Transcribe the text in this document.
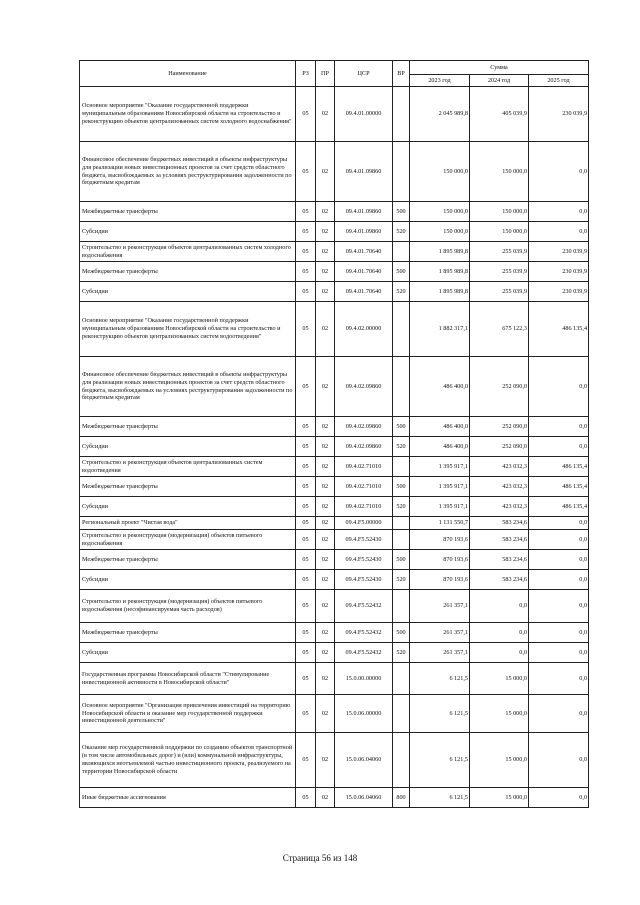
Наименование	РЗ	ПР	ЦСР	ВР	Сумма		
					2023 год	2024 год	2025 год
Основное мероприятие "Оказание государственной поддержки муниципальным образованиям Новосибирской области на строительство и реконструкцию объектов централизованных систем холодного водоснабжения"	05	02	09.4.01.00000		2 045 989,8	405 039,9	230 039,9
Финансовое обеспечение бюджетных инвестиций в объекты инфраструктуры для реализации новых инвестиционных проектов за счет средств областного бюджета, высвобождаемых за условиях реструктурирования задолженности по бюджетным кредитам	05	02	09.4.01.09860		150 000,0	150 000,0	0,0
Межбюджетные трансферты	05	02	09.4.01.09860	500	150 000,0	150 000,0	0,0
Субсидии	05	02	09.4.01.09860	520	150 000,0	150 000,0	0,0
Строительство и реконструкция объектов централизованных систем холодного водоснабжения	05	02	09.4.01.70640		1 895 989,8	255 039,9	230 039,9
Межбюджетные трансферты	05	02	09.4.01.70640	500	1 895 989,8	255 039,9	230 039,9
Субсидии	05	02	09.4.01.70640	520	1 895 989,8	255 039,9	230 039,9
Основное мероприятие "Оказание государственной поддержки муниципальным образованиям Новосибирской области на строительство и реконструкцию объектов централизованных систем водоотведения"	05	02	09.4.02.00000		1 882 317,1	675 122,3	486 135,4
Финансовое обеспечение бюджетных инвестиций в объекты инфраструктуры для реализации новых инвестиционных проектов за счет средств областного бюджета, высвобождаемых на условиях реструктурирования задолженности по бюджетным кредитам	05	02	09.4.02.09860		486 400,0	252 090,0	0,0
Межбюджетные трансферты	05	02	09.4.02.09860	500	486 400,0	252 090,0	0,0
Субсидии	05	02	09.4.02.09860	520	486 400,0	252 090,0	0,0
Строительство и реконструкция объектов централизованных систем водоотведения	05	02	09.4.02.71010		1 395 917,1	423 032,3	486 135,4
Межбюджетные трансферты	05	02	09.4.02.71010	500	1 395 917,1	423 032,3	486 135,4
Субсидии	05	02	09.4.02.71010	520	1 395 917,1	423 032,3	486 135,4
Региональный проект "Чистая вода"	05	02	09.4.F5.00000		1 131 550,7	583 234,6	0,0
Строительство и реконструкция (модернизация) объектов питьевого водоснабжения	05	02	09.4.F5.52430		870 193,6	583 234,6	0,0
Межбюджетные трансферты	05	02	09.4.F5.52430	500	870 193,6	583 234,6	0,0
Субсидии	05	02	09.4.F5.52430	520	870 193,6	583 234,6	0,0
Строительство и реконструкция (модернизация) объектов питьевого водоснабжения (несофинансируемая часть расходов)	05	02	09.4.F5.52432		261 357,1	0,0	0,0
Межбюджетные трансферты	05	02	09.4.F5.52432	500	261 357,1	0,0	0,0
Субсидии	05	02	09.4.F5.52432	520	261 357,1	0,0	0,0
Государственная программа Новосибирской области "Стимулирование инвестиционной активности в Новосибирской области"	05	02	15.0.00.00000		6 121,5	15 000,0	0,0
Основное мероприятие "Организация привлечения инвестиций на территорию Новосибирской области и оказание мер государственной поддержки инвестиционной деятельности"	05	02	15.0.06.00000		6 121,5	15 000,0	0,0
Оказание мер государственной поддержки по созданию объектов транспортной (в том числе автомобильных дорог) и (или) коммунальной инфраструктуры, являющихся неотъемлемой частью инвестиционного проекта, реализуемого на территории Новосибирской области	05	02	15.0.06.04060		6 121,5	15 000,0	0,0
Иные бюджетные ассигнования	05	02	15.0.06.04060	800	6 121,5	15 000,0	0,0
Страница 56 из 148
